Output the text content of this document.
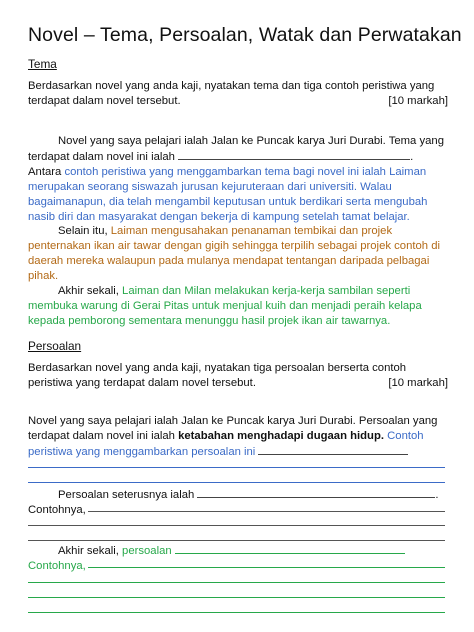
Novel – Tema, Persoalan, Watak dan Perwatakan
Tema

Berdasarkan novel yang anda kaji, nyatakan tema dan tiga contoh peristiwa yang terdapat dalam novel tersebut.	[10 markah]

Novel yang saya pelajari ialah Jalan ke Puncak karya Juri Durabi. Tema yang terdapat dalam novel ini ialah	.

Antara contoh peristiwa yang menggambarkan tema bagi novel ini ialah Laiman merupakan seorang siswazah jurusan kejuruteraan dari universiti. Walau bagaimanapun, dia telah mengambil keputusan untuk berdikari serta mengubah nasib diri dan masyarakat dengan bekerja di kampung setelah tamat belajar.

Selain itu, Laiman mengusahakan penanaman tembikai dan projek penternakan ikan air tawar dengan gigih sehingga terpilih sebagai projek contoh di daerah mereka walaupun pada mulanya mendapat tentangan daripada pelbagai pihak.

Akhir sekali, Laiman dan Milan melakukan kerja-kerja sambilan seperti membuka warung di Gerai Pitas untuk menjual kuih dan menjadi peraih kelapa kepada pemborong sementara menunggu hasil projek ikan air tawarnya.

Persoalan

Berdasarkan novel yang anda kaji, nyatakan tiga persoalan berserta contoh peristiwa yang terdapat dalam novel tersebut.	[10 markah]

Novel yang saya pelajari ialah Jalan ke Puncak karya Juri Durabi. Persoalan yang terdapat dalam novel ini ialah ketabahan menghadapi dugaan hidup. Contoh peristiwa yang menggambarkan persoalan ini

Persoalan seterusnya ialah	.

Contohnya,

Akhir sekali, persoalan

Contohnya,
